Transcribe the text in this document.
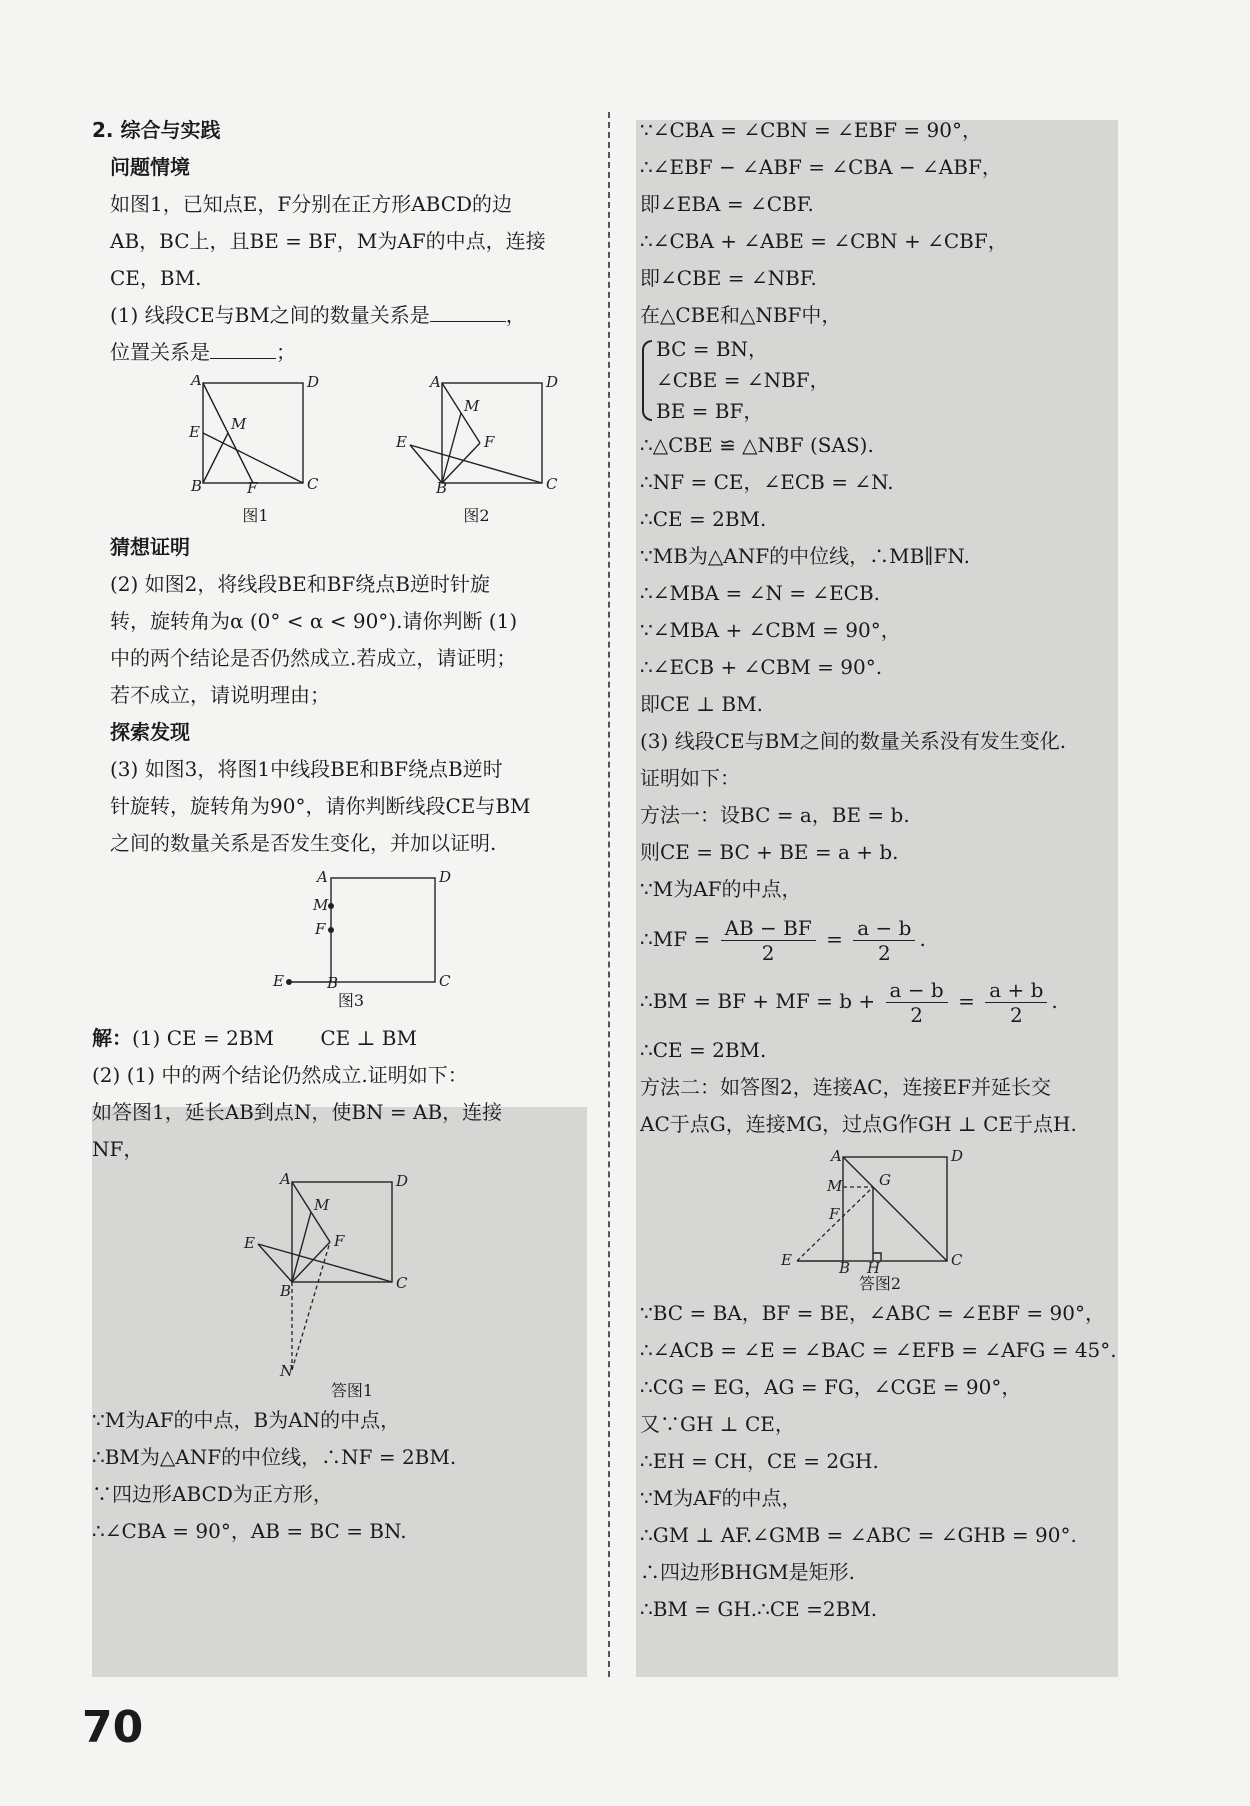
2. 综合与实践
问题情境
如图1，已知点E，F分别在正方形ABCD的边
AB，BC上，且BE = BF，M为AF的中点，连接
CE，BM.
(1) 线段CE与BM之间的数量关系是	，
位置关系是	；
A	D
E M
B	F	C
图1
A	D
M
E	F
B	C
图2
猜想证明
(2) 如图2，将线段BE和BF绕点B逆时针旋
转，旋转角为α (0° < α < 90°).请你判断 (1)
中的两个结论是否仍然成立.若成立，请证明；
若不成立，请说明理由；
探索发现
(3) 如图3，将图1中线段BE和BF绕点B逆时
针旋转，旋转角为90°，请你判断线段CE与BM
之间的数量关系是否发生变化，并加以证明.
A	D
M
F
E	B	C
图3
解：(1) CE = 2BM　　 CE ⊥ BM
(2) (1) 中的两个结论仍然成立.证明如下：
如答图1，延长AB到点N，使BN = AB，连接
NF，
A	D
M
E	F
B	C
N
答图1
∵M为AF的中点，B为AN的中点，
∴BM为△ANF的中位线，∴NF = 2BM.
∵四边形ABCD为正方形，
∴∠CBA = 90°，AB = BC = BN.
∵∠CBA = ∠CBN = ∠EBF = 90°，
∴∠EBF − ∠ABF = ∠CBA − ∠ABF，
即∠EBA = ∠CBF.
∴∠CBA + ∠ABE = ∠CBN + ∠CBF，
即∠CBE = ∠NBF.
在△CBE和△NBF中，
BC = BN，
∠CBE = ∠NBF，
BE = BF，
∴△CBE ≌ △NBF (SAS).
∴NF = CE，∠ECB = ∠N.
∴CE = 2BM.
∵MB为△ANF的中位线，∴MB∥FN.
∴∠MBA = ∠N = ∠ECB.
∵∠MBA + ∠CBM = 90°，
∴∠ECB + ∠CBM = 90°.
即CE ⊥ BM.
(3) 线段CE与BM之间的数量关系没有发生变化.
证明如下：
方法一：设BC = a，BE = b.
则CE = BC + BE = a + b.
∵M为AF的中点，
∴MF = $\frac{AB - BF}{2} = \frac{a - b}{2}$ .
∴BM = BF + MF = $b + \frac{a - b}{2} = \frac{a + b}{2}$ .
∴CE = 2BM.
方法二：如答图2，连接AC，连接EF并延长交
AC于点G，连接MG，过点G作GH ⊥ CE于点H.
A	D
M G
F
E	B H	C
答图2
∵BC = BA，BF = BE，∠ABC = ∠EBF = 90°，
∴∠ACB = ∠E = ∠BAC = ∠EFB = ∠AFG = 45°.
∴CG = EG，AG = FG，∠CGE = 90°，
又∵GH ⊥ CE，
∴EH = CH，CE = 2GH.
∵M为AF的中点，
∴GM ⊥ AF.∠GMB = ∠ABC = ∠GHB = 90°.
∴四边形BHGM是矩形.
∴BM = GH.∴CE =2BM.
70
